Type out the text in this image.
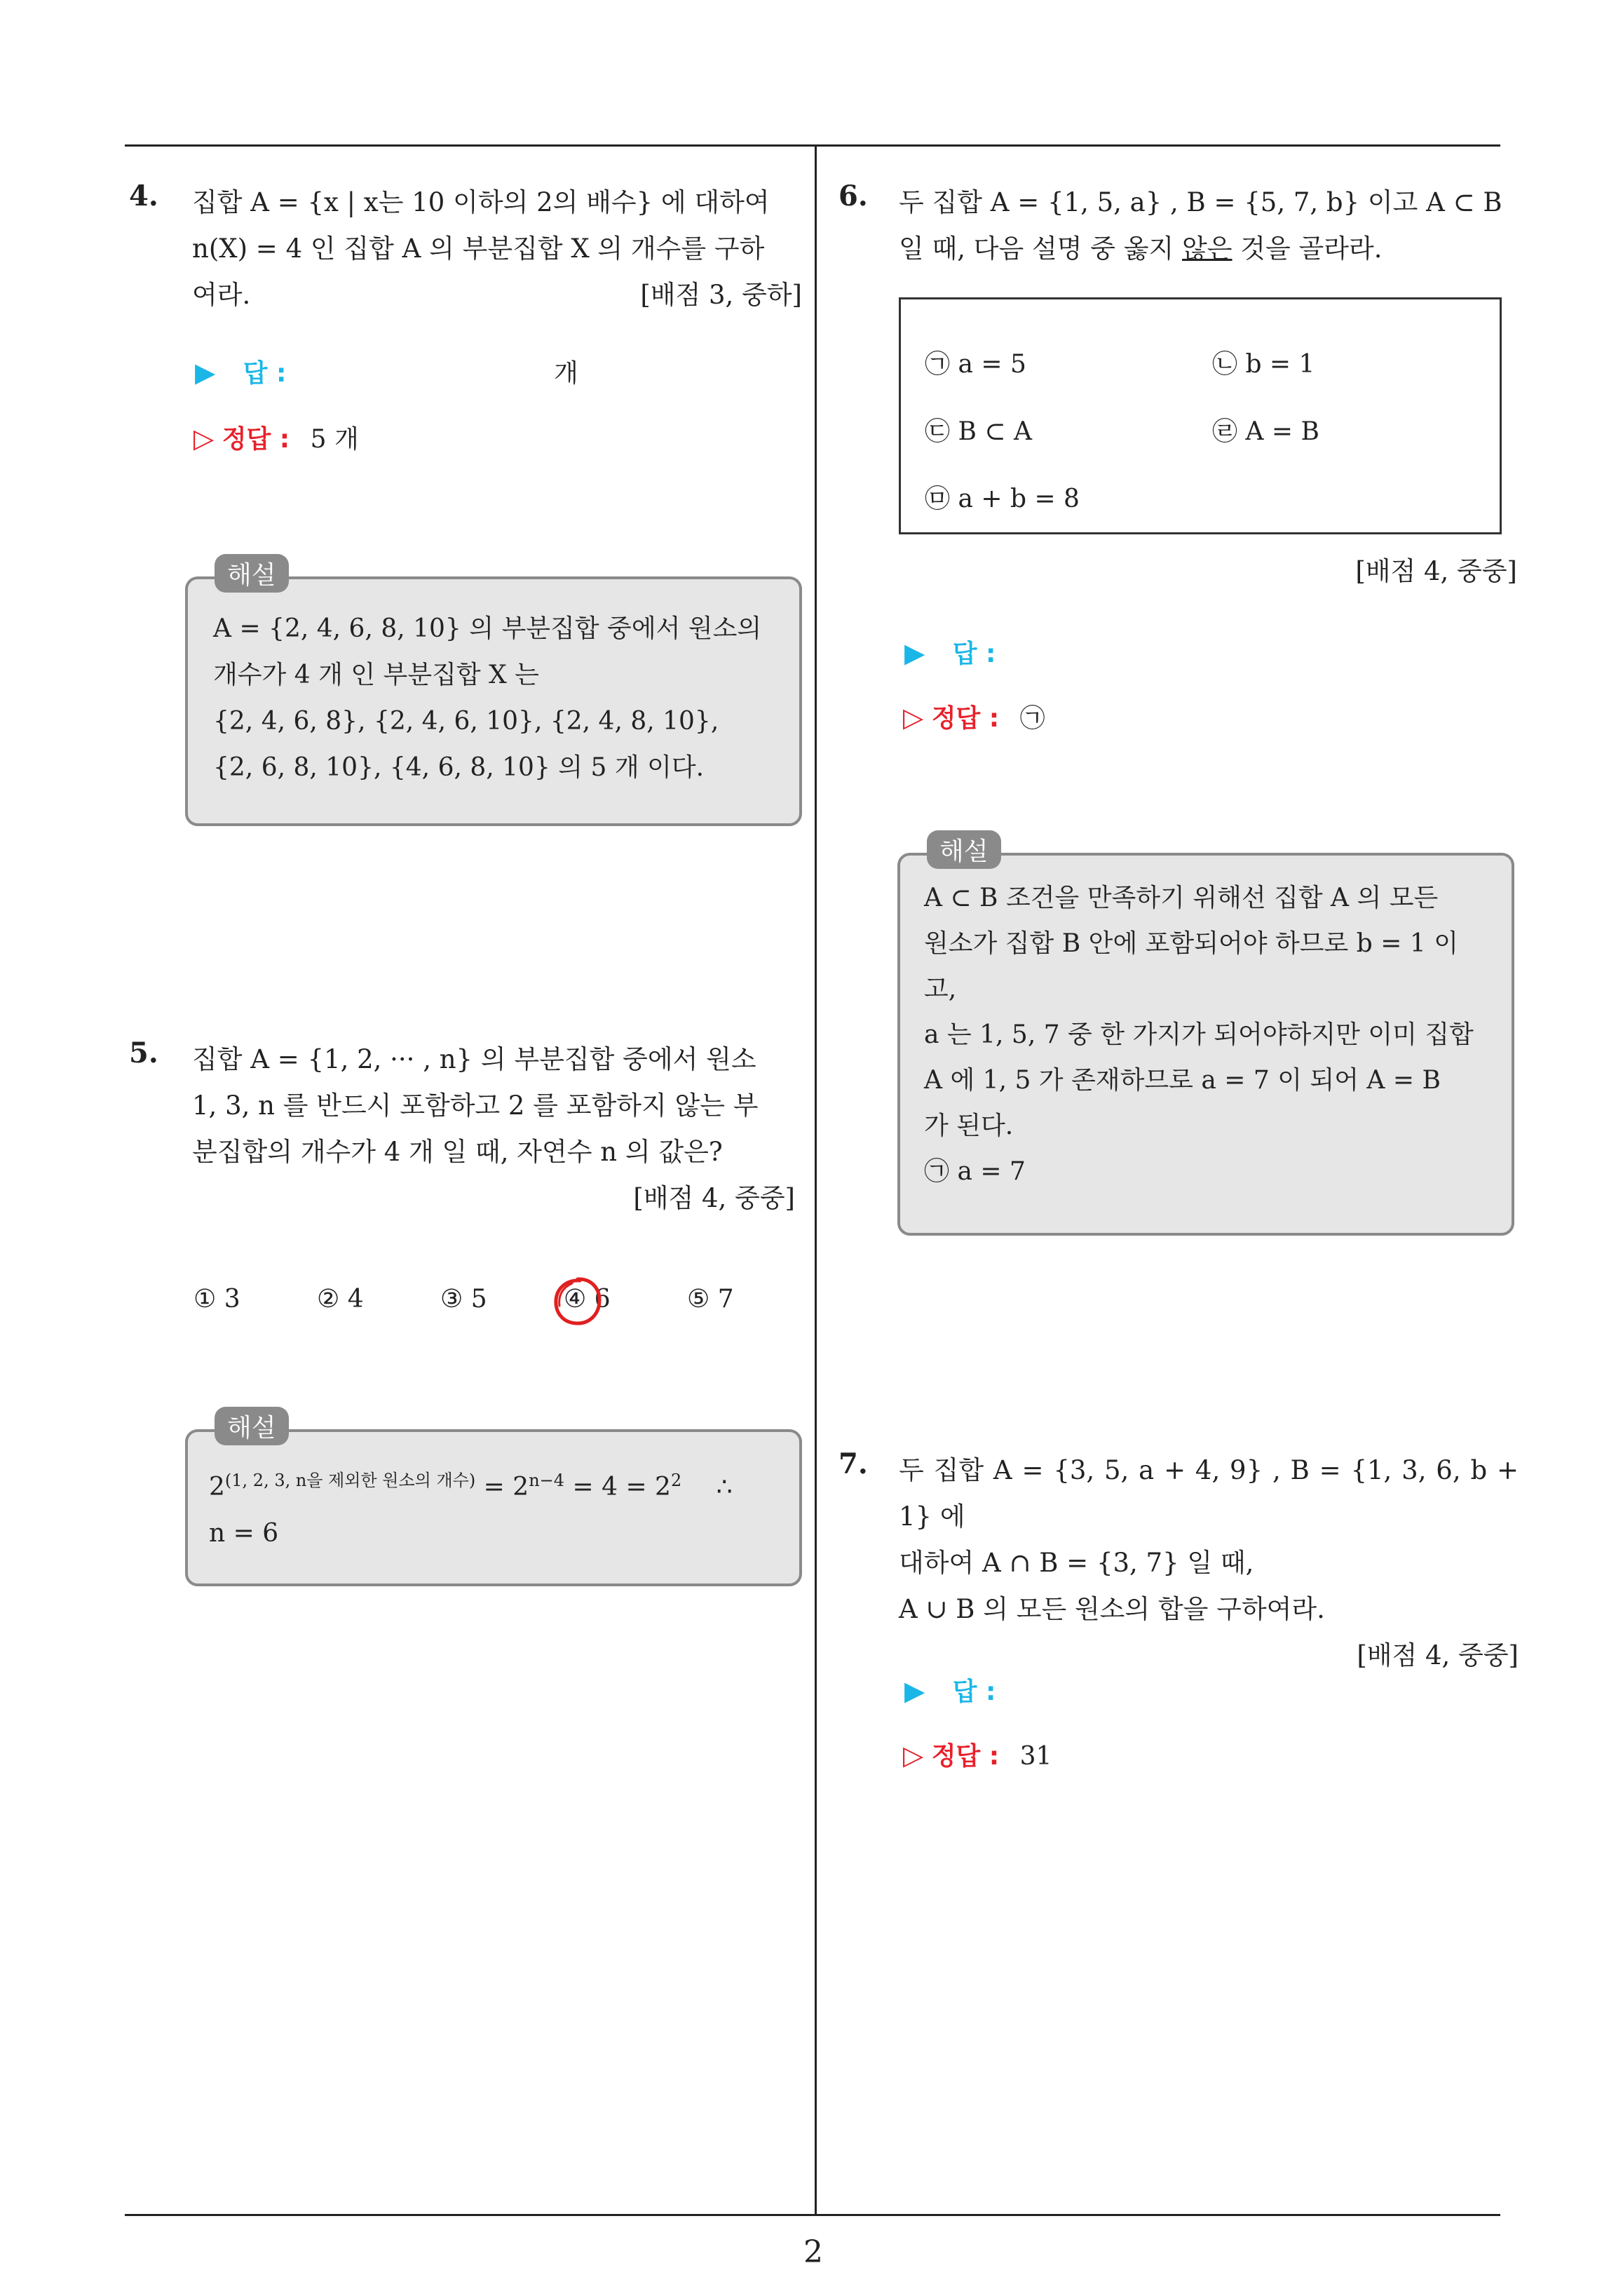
4. 집합 A = {x | x는 10 이하의 2의 배수} 에 대하여
n(X) = 4 인 집합 A 의 부분집합 X 의 개수를 구하
여라.	[배점 3, 중하]
▶ 답 :	개
▷ 정답 : 5 개
해설
A = {2, 4, 6, 8, 10} 의 부분집합 중에서 원소의
개수가 4 개 인 부분집합 X 는
{2, 4, 6, 8}, {2, 4, 6, 10}, {2, 4, 8, 10},
{2, 6, 8, 10}, {4, 6, 8, 10} 의 5 개 이다.
5. 집합 A = {1, 2, ··· , n} 의 부분집합 중에서 원소
1, 3, n 를 반드시 포함하고 2 를 포함하지 않는 부
분집합의 개수가 4 개 일 때, 자연수 n 의 값은?
[배점 4, 중중]
① 3	② 4	③ 5	④ 6	⑤ 7
해설
$2^{(1, 2, 3, n을 제외한 원소의 개수)} = 2^{n-4} = 4 = 2^2$ ∴
n = 6
6. 두 집합 A = {1, 5, a} , B = {5, 7, b} 이고 A ⊂ B
일 때, 다음 설명 중 옳지 않은 것을 골라라.
㉠ a = 5	㉡ b = 1
㉢ B ⊂ A	㉣ A = B
㉤ a + b = 8
[배점 4, 중중]
▶ 답 :
▷ 정답 : ㉠
해설
A ⊂ B 조건을 만족하기 위해선 집합 A 의 모든
원소가 집합 B 안에 포함되어야 하므로 b = 1 이
고,
a 는 1, 5, 7 중 한 가지가 되어야하지만 이미 집합
A 에 1, 5 가 존재하므로 a = 7 이 되어 A = B
가 된다.
㉠ a = 7
7. 두 집합 A = {3, 5, a + 4, 9} , B = {1, 3, 6, b + 1} 에
대하여 A ∩ B = {3, 7} 일 때,
A ∪ B 의 모든 원소의 합을 구하여라.
[배점 4, 중중]
▶ 답 :
▷ 정답 : 31
2
